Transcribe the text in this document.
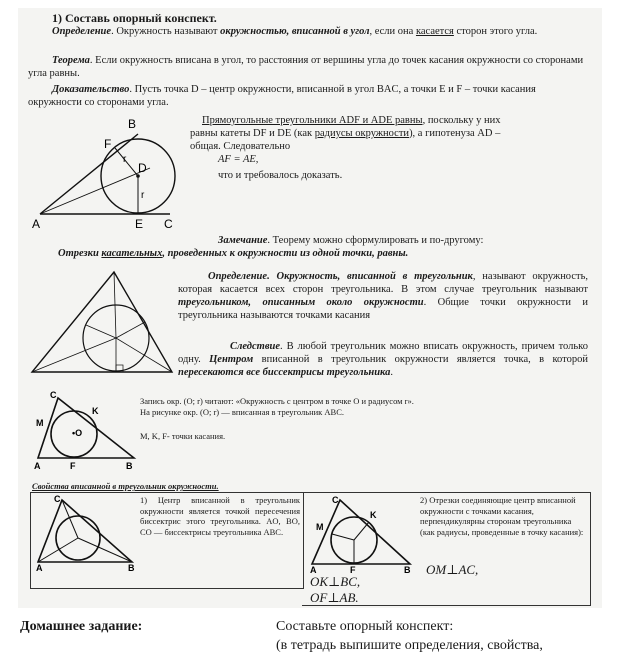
1) Составь опорный конспект.
Определение. Окружность называют окружностью, вписанной в угол, если она касается сторон этого угла.
Теорема. Если окружность вписана в угол, то расстояния от вершины угла до точек касания окружности со сторонами угла равны.
Доказательство. Пусть точка D – центр окружности, вписанной в угол BAC, а точки E и F – точки касания окружности со сторонами угла.
Прямоугольные треугольники ADF и ADE равны, поскольку у них
равны катеты DF и DE (как радиусы окружности), а гипотенуза AD –
общая. Следовательно
AF = AE,
что и требовалось доказать.
B
F
r
D
r
A	E C
Замечание. Теорему можно сформулировать и по-другому:
Отрезки касательных, проведенных к окружности из одной точки, равны.
Определение. Окружность, вписанной в треугольник, называют окружность, которая касается всех сторон треугольника. В этом случае треугольник называют треугольником, описанным около окружности. Общие точки окружности и треугольника называются точками касания
Следствие. В любой треугольник можно вписать окружность, причем только одну. Центром вписанной в треугольник окружности является точка, в которой пересекаются все биссектрисы треугольника.
C
K
M
•O
A	F	B
Запись окр. (O; r) читают: «Окружность с центром в точке O и радиусом r».
На рисунке окр. (O; r) — вписанная в треугольник ABC.
M, K, F- точки касания.
Свойства вписанной в треугольник окружности.
C
A	B
1) Центр вписанной в треугольник окружности является точкой пересечения биссектрис этого треугольника. AO, BO, CO — биссектрисы треугольника ABC.
C
K
M
A	F	B
2) Отрезки соединяющие центр вписанной окружности с точками касания, перпендикулярны сторонам треугольника (как радиусы, проведенные в точку касания):
OM⊥AC,
OK⊥BC,
OF⊥AB.
Домашнее задание:	Составьте опорный конспект:
(в тетрадь выпишите определения, свойства,
